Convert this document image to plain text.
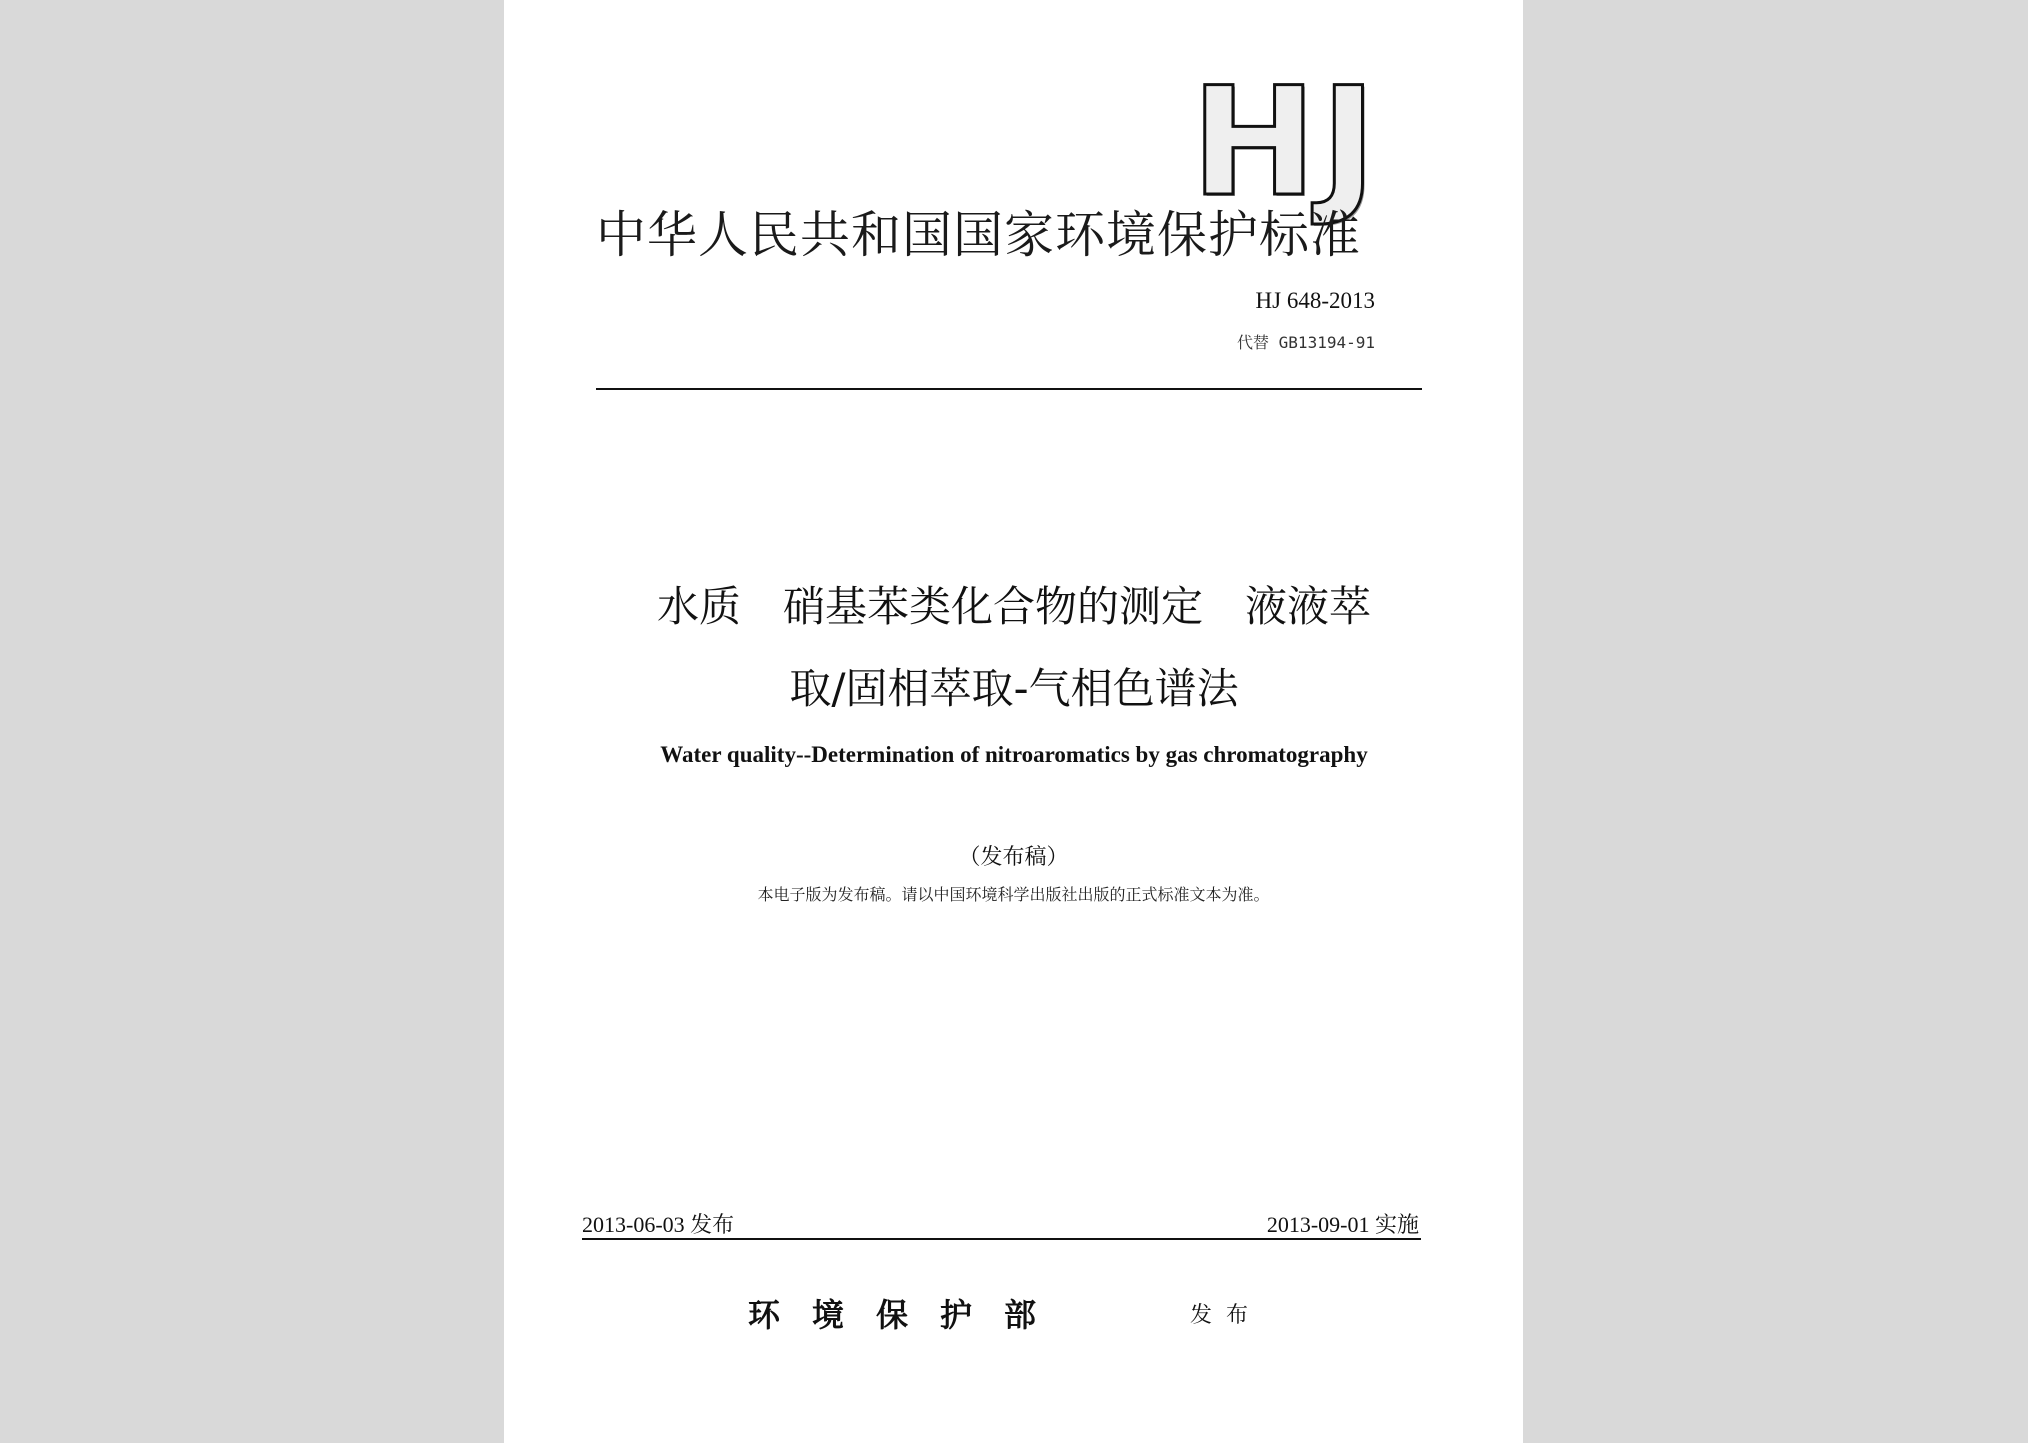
HJ
中华人民共和国国家环境保护标准
HJ 648-2013
代替 GB13194-91
水质　硝基苯类化合物的测定　液液萃
取/固相萃取-气相色谱法
Water quality--Determination of nitroaromatics by gas chromatography
（发布稿）
本电子版为发布稿。请以中国环境科学出版社出版的正式标准文本为准。
2013-06-03 发布	2013-09-01 实施
环境保护部	发布
